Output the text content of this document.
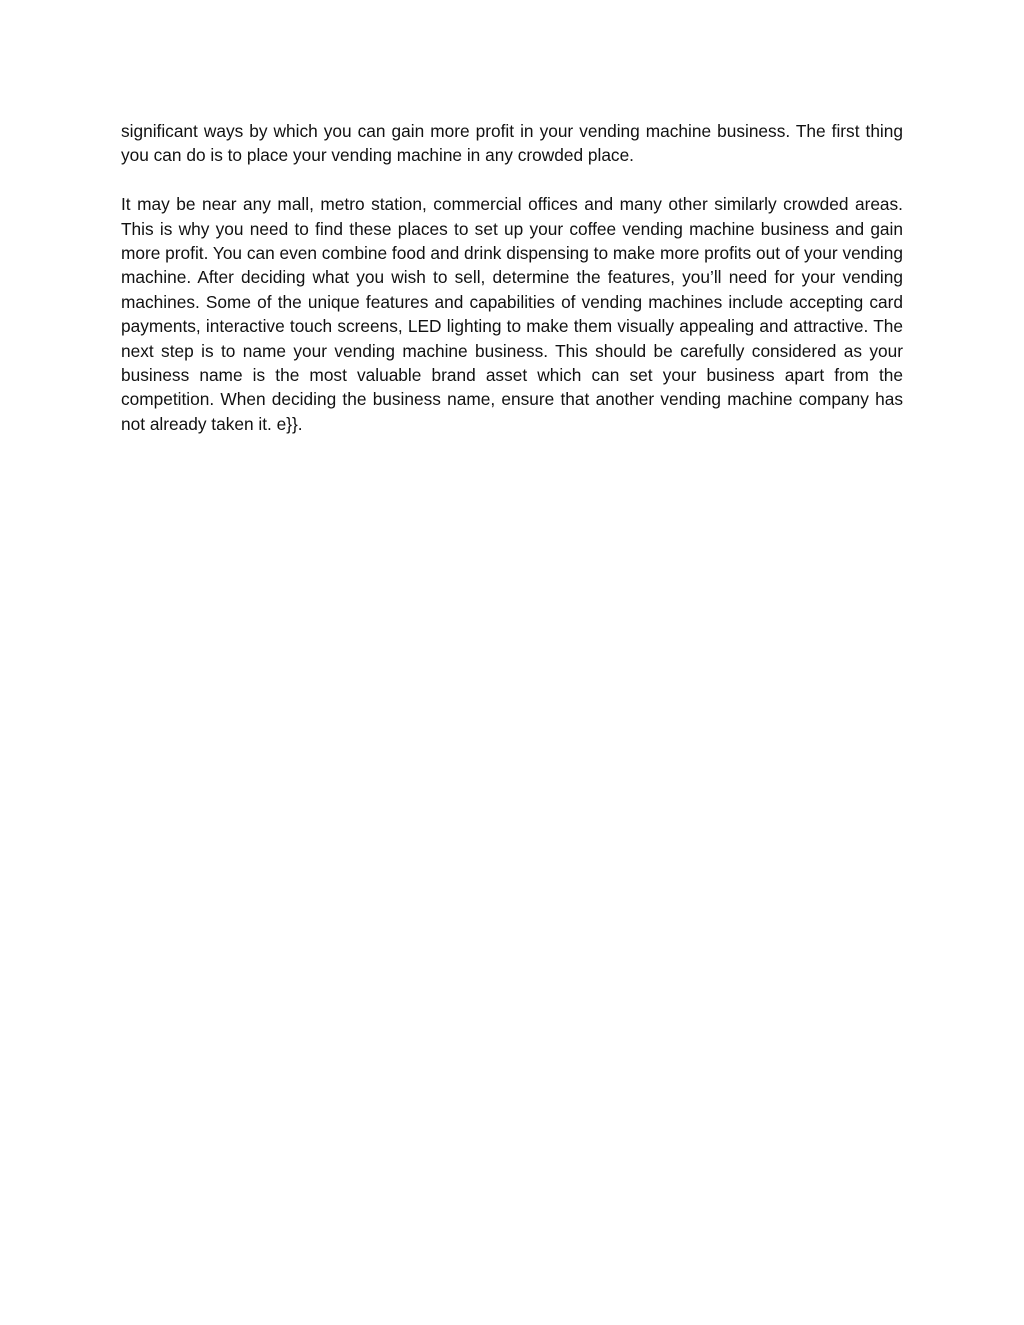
significant ways by which you can gain more profit in your vending machine business. The first thing you can do is to place your vending machine in any crowded place.

It may be near any mall, metro station, commercial offices and many other similarly crowded areas. This is why you need to find these places to set up your coffee vending machine business and gain more profit. You can even combine food and drink dispensing to make more profits out of your vending machine. After deciding what you wish to sell, determine the features, you’ll need for your vending machines. Some of the unique features and capabilities of vending machines include accepting card payments, interactive touch screens, LED lighting to make them visually appealing and attractive. The next step is to name your vending machine business. This should be carefully considered as your business name is the most valuable brand asset which can set your business apart from the competition. When deciding the business name, ensure that another vending machine company has not already taken it. e}}.
